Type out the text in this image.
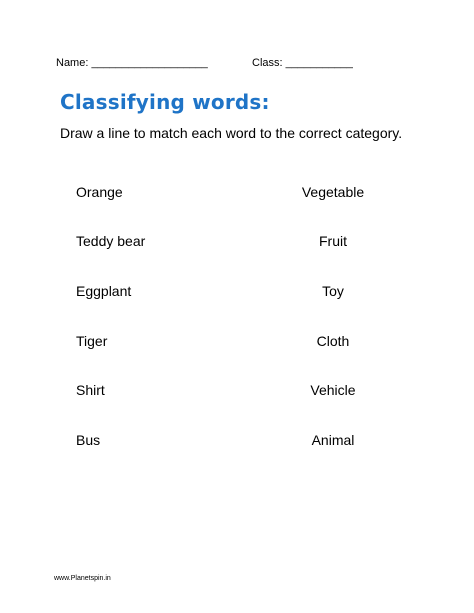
Name: ___________________	Class: ___________
Classifying words:
Draw a line to match each word to the correct category.
Orange
Teddy bear
Eggplant
Tiger
Shirt
Bus
Vegetable
Fruit
Toy
Cloth
Vehicle
Animal
www.Planetspin.in
